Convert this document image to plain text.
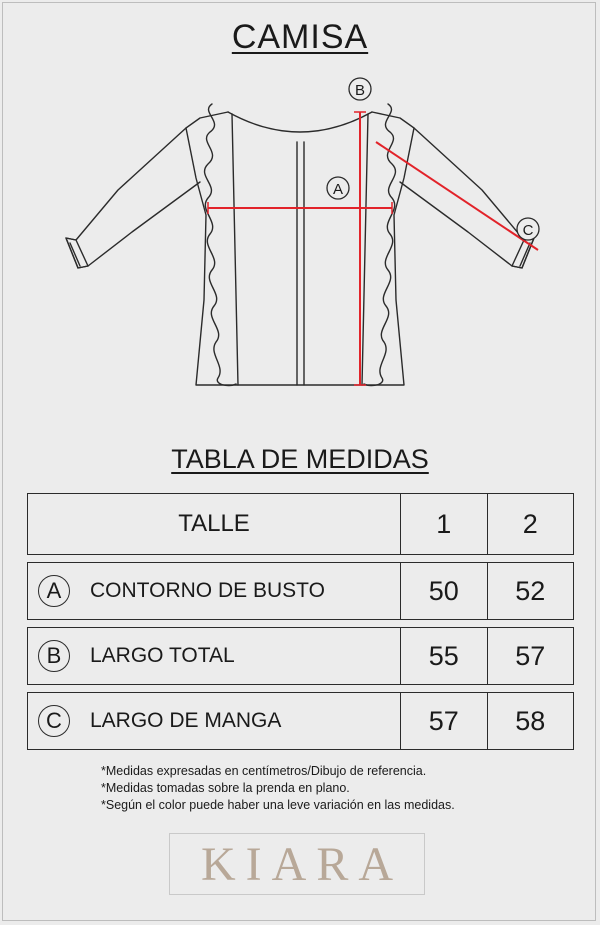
CAMISA
A
B
C
TABLA DE MEDIDAS
TALLE	1	2

A CONTORNO DE BUSTO	50	52

B LARGO TOTAL	55	57

C LARGO DE MANGA	57	58
*Medidas expresadas en centímetros/Dibujo de referencia.
*Medidas tomadas sobre la prenda en plano.
*Según el color puede haber una leve variación en las medidas.
KIARA
